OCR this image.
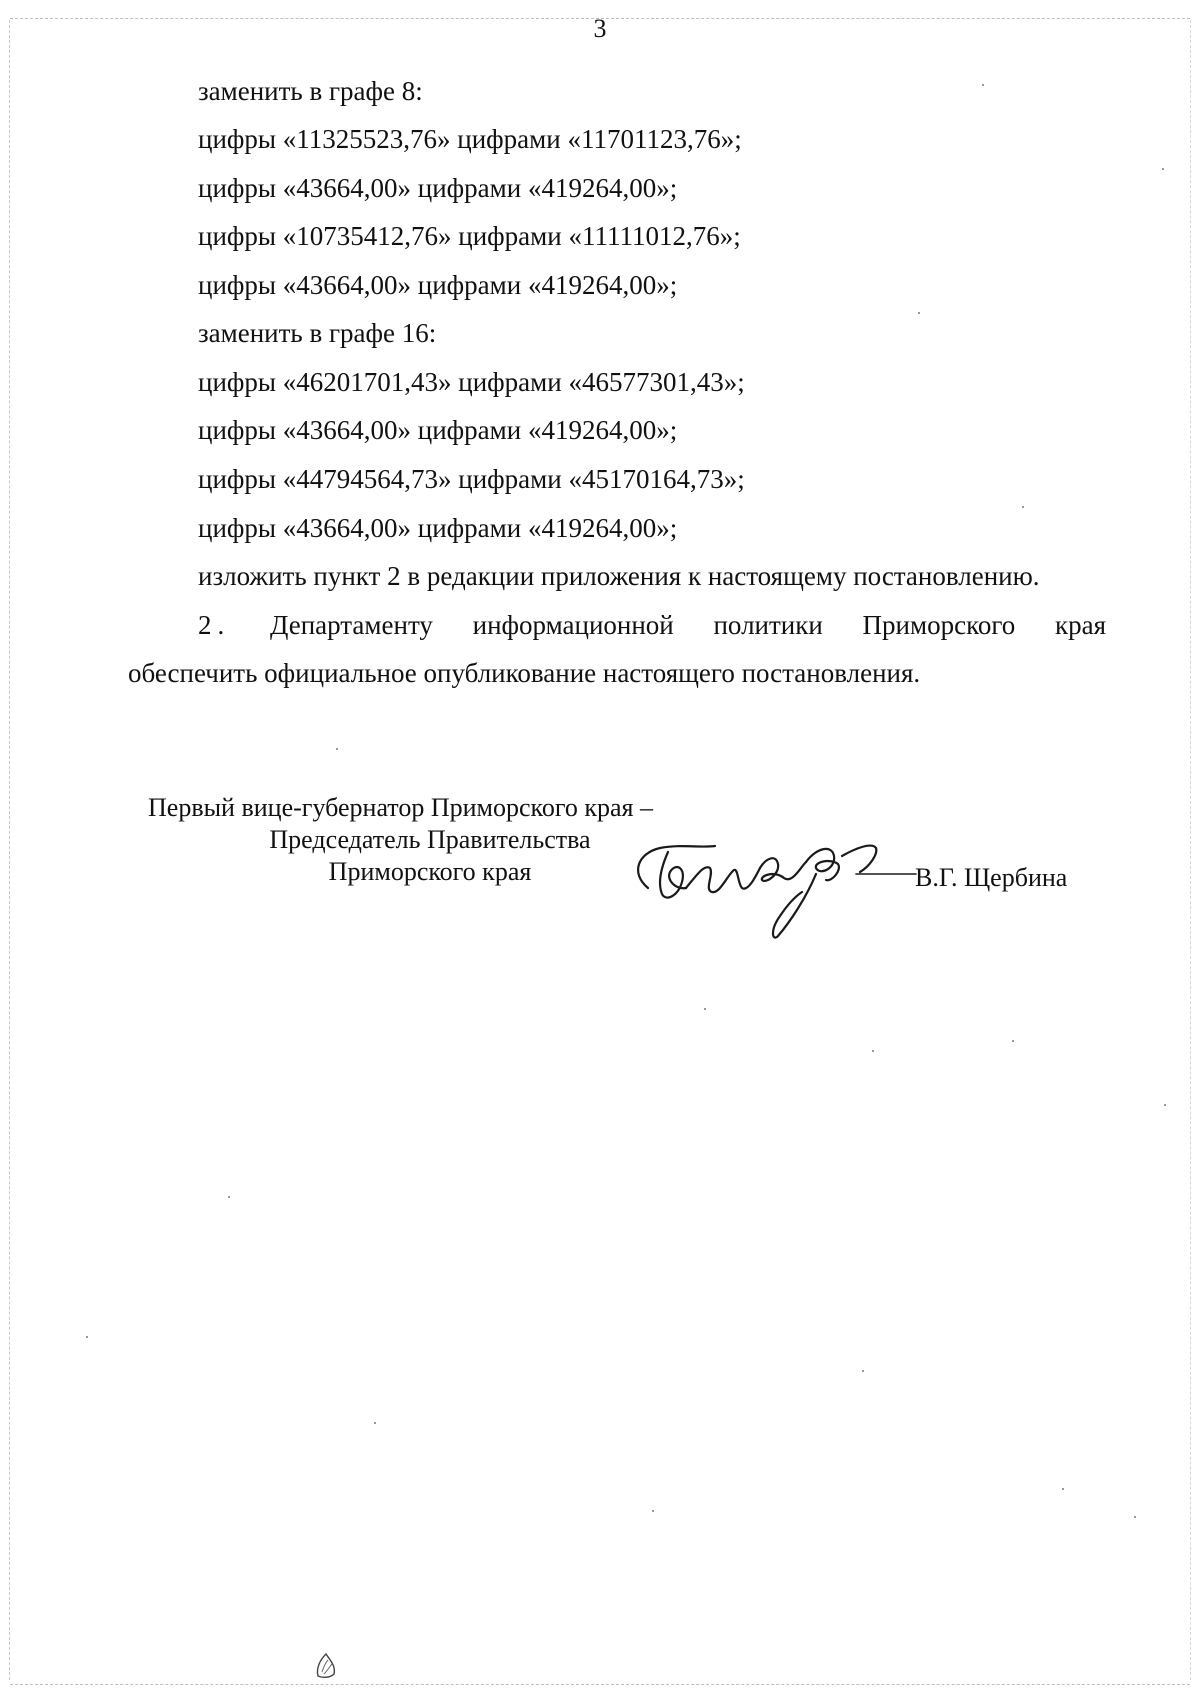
3
заменить в графе 8:
цифры «11325523,76» цифрами «11701123,76»;
цифры «43664,00» цифрами «419264,00»;
цифры «10735412,76» цифрами «11111012,76»;
цифры «43664,00» цифрами «419264,00»;
заменить в графе 16:
цифры «46201701,43» цифрами «46577301,43»;
цифры «43664,00» цифрами «419264,00»;
цифры «44794564,73» цифрами «45170164,73»;
цифры «43664,00» цифрами «419264,00»;
изложить пункт 2 в редакции приложения к настоящему постановлению.
2. Департаменту информационной политики Приморского края
обеспечить официальное опубликование настоящего постановления.
Первый вице-губернатор Приморского края –
Председатель Правительства
Приморского края	В.Г. Щербина
